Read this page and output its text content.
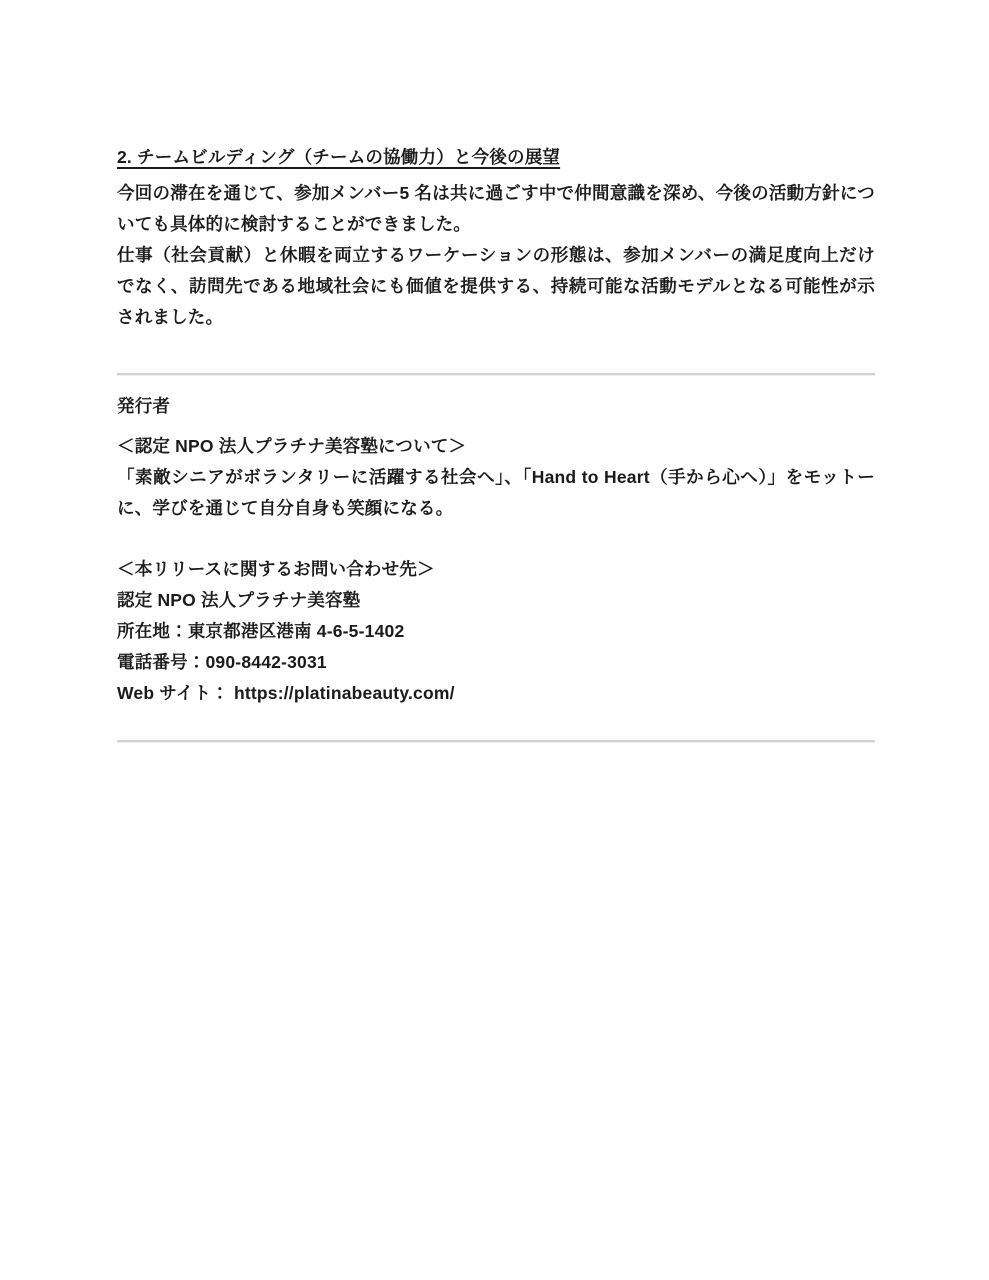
2. チームビルディング（チームの協働力）と今後の展望

今回の滞在を通じて、参加メンバー5 名は共に過ごす中で仲間意識を深め、今後の活動方針についても具体的に検討することができました。

仕事（社会貢献）と休暇を両立するワーケーションの形態は、参加メンバーの満足度向上だけでなく、訪問先である地域社会にも価値を提供する、持続可能な活動モデルとなる可能性が示されました。

発行者

＜認定 NPO 法人プラチナ美容塾について＞

「素敵シニアがボランタリーに活躍する社会へ」、「Hand to Heart（手から心へ）」をモットーに、学びを通じて自分自身も笑顔になる。

＜本リリースに関するお問い合わせ先＞

認定 NPO 法人プラチナ美容塾

所在地：東京都港区港南 4-6-5-1402

電話番号：090-8442-3031

Web サイト： https://platinabeauty.com/
